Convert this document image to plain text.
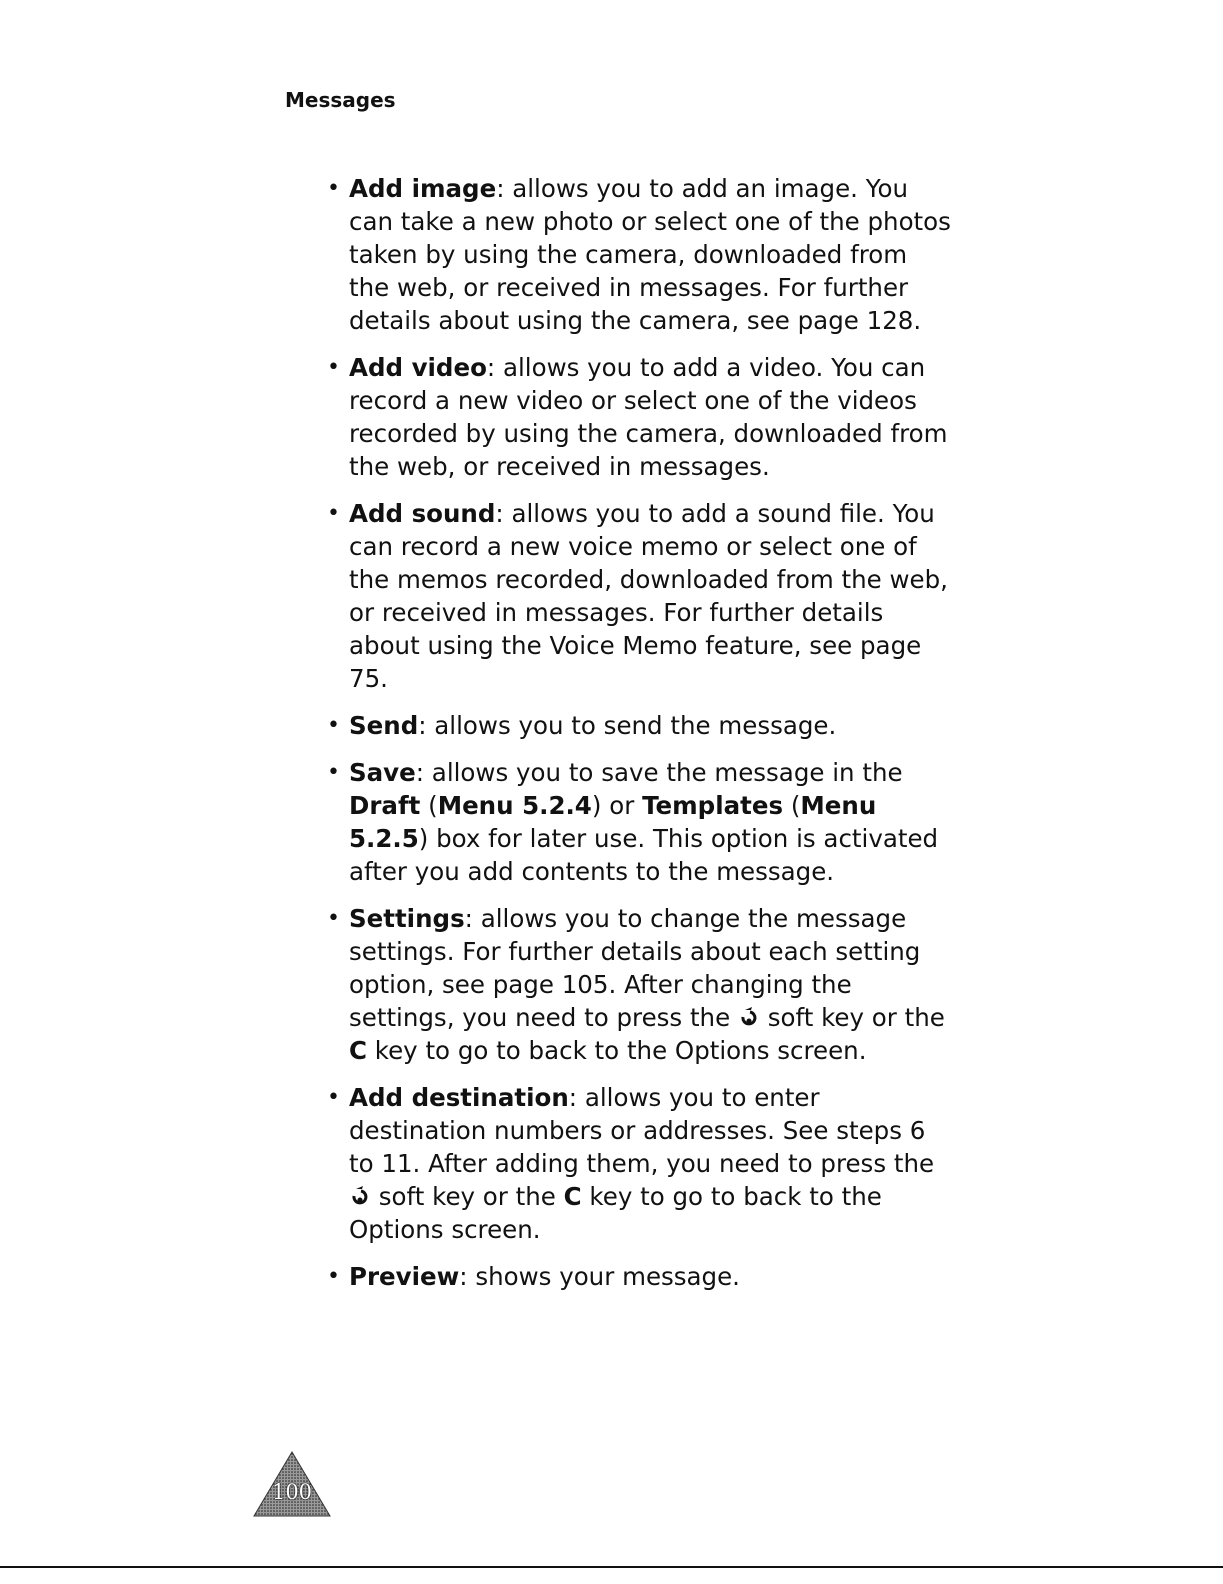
Messages
• Add image: allows you to add an image. You can take a new photo or select one of the photos taken by using the camera, downloaded from the web, or received in messages. For further details about using the camera, see page 128.
• Add video: allows you to add a video. You can record a new video or select one of the videos recorded by using the camera, downloaded from the web, or received in messages.
• Add sound: allows you to add a sound file. You can record a new voice memo or select one of the memos recorded, downloaded from the web, or received in messages. For further details about using the Voice Memo feature, see page 75.
• Send: allows you to send the message.
• Save: allows you to save the message in the Draft (Menu 5.2.4) or Templates (Menu 5.2.5) box for later use. This option is activated after you add contents to the message.
• Settings: allows you to change the message settings. For further details about each setting option, see page 105. After changing the settings, you need to press the  soft key or the C key to go to back to the Options screen.
• Add destination: allows you to enter destination numbers or addresses. See steps 6 to 11. After adding them, you need to press the  soft key or the C key to go to back to the Options screen.
• Preview: shows your message.
100
